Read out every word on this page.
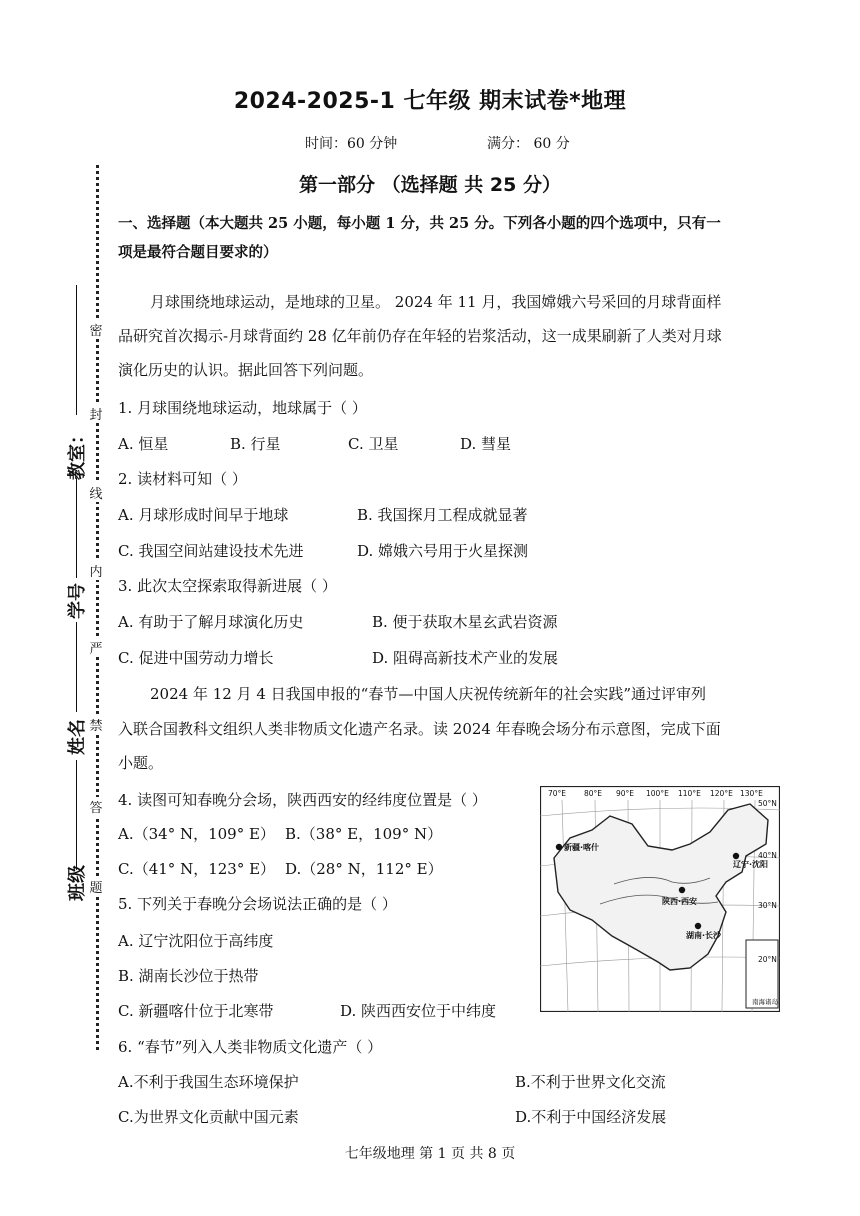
2024-2025-1 七年级 期末试卷*地理
时间：60 分钟	满分： 60 分
第一部分 （选择题 共 25 分）
一、选择题（本大题共 25 小题，每小题 1 分，共 25 分。下列各小题的四个选项中，只有一
项是最符合题目要求的）
月球围绕地球运动，是地球的卫星。 2024 年 11 月，我国嫦娥六号采回的月球背面样
品研究首次揭示-月球背面约 28 亿年前仍存在年轻的岩浆活动，这一成果刷新了人类对月球
演化历史的认识。据此回答下列问题。
1. 月球围绕地球运动，地球属于（ ）
A. 恒星	B. 行星	C. 卫星	D. 彗星
2. 读材料可知（ ）
A. 月球形成时间早于地球	B. 我国探月工程成就显著
C. 我国空间站建设技术先进	D. 嫦娥六号用于火星探测
3. 此次太空探索取得新进展（ ）
A. 有助于了解月球演化历史	B. 便于获取木星玄武岩资源
C. 促进中国劳动力增长	D. 阻碍高新技术产业的发展
2024 年 12 月 4 日我国申报的“春节—中国人庆祝传统新年的社会实践”通过评审列
入联合国教科文组织人类非物质文化遗产名录。读 2024 年春晚会场分布示意图，完成下面
小题。
4. 读图可知春晚分会场，陕西西安的经纬度位置是（ ）
A.（34° N，109° E） B.（38° E，109° N）
C.（41° N，123° E） D.（28° N，112° E）
5. 下列关于春晚分会场说法正确的是（ ）
A. 辽宁沈阳位于高纬度
B. 湖南长沙位于热带
C. 新疆喀什位于北寒带	D. 陕西西安位于中纬度
6. “春节”列入人类非物质文化遗产（ ）
A.不利于我国生态环境保护	B.不利于世界文化交流
C.为世界文化贡献中国元素	D.不利于中国经济发展
南海诸岛
70°E 80°E 90°E 100°E 110°E 120°E 130°E
50°N
40°N
30°N
20°N
新疆·喀什
辽宁·沈阳
陕西·西安
湖南·长沙
密
封
线
内
严
禁
答
题
教室：
学号
姓名
班级
七年级地理 第 1 页 共 8 页
